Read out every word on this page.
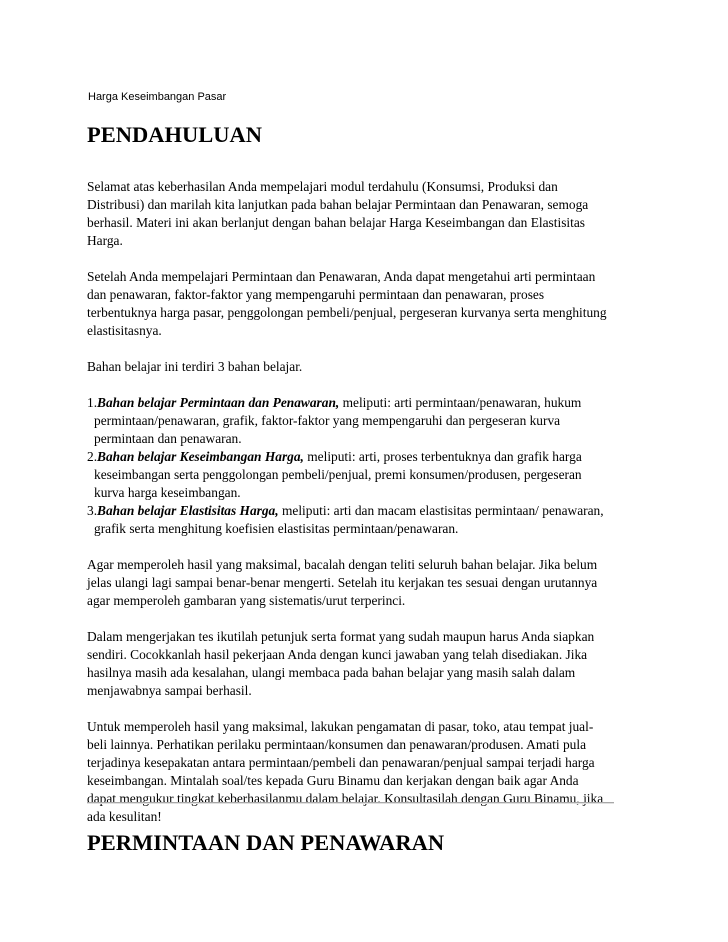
Harga Keseimbangan Pasar
PENDAHULUAN

Selamat atas keberhasilan Anda mempelajari modul terdahulu (Konsumsi, Produksi dan

Distribusi) dan marilah kita lanjutkan pada bahan belajar Permintaan dan Penawaran, semoga

berhasil. Materi ini akan berlanjut dengan bahan belajar Harga Keseimbangan dan Elastisitas

Harga.

Setelah Anda mempelajari Permintaan dan Penawaran, Anda dapat mengetahui arti permintaan

dan penawaran, faktor-faktor yang mempengaruhi permintaan dan penawaran, proses

terbentuknya harga pasar, penggolongan pembeli/penjual, pergeseran kurvanya serta menghitung

elastisitasnya.

Bahan belajar ini terdiri 3 bahan belajar.

1.Bahan belajar Permintaan dan Penawaran, meliputi: arti permintaan/penawaran, hukum

permintaan/penawaran, grafik, faktor-faktor yang mempengaruhi dan pergeseran kurva

permintaan dan penawaran.

2.Bahan belajar Keseimbangan Harga, meliputi: arti, proses terbentuknya dan grafik harga

keseimbangan serta penggolongan pembeli/penjual, premi konsumen/produsen, pergeseran

kurva harga keseimbangan.

3.Bahan belajar Elastisitas Harga, meliputi: arti dan macam elastisitas permintaan/ penawaran,

grafik serta menghitung koefisien elastisitas permintaan/penawaran.

Agar memperoleh hasil yang maksimal, bacalah dengan teliti seluruh bahan belajar. Jika belum

jelas ulangi lagi sampai benar-benar mengerti. Setelah itu kerjakan tes sesuai dengan urutannya

agar memperoleh gambaran yang sistematis/urut terperinci.

Dalam mengerjakan tes ikutilah petunjuk serta format yang sudah maupun harus Anda siapkan

sendiri. Cocokkanlah hasil pekerjaan Anda dengan kunci jawaban yang telah disediakan. Jika

hasilnya masih ada kesalahan, ulangi membaca pada bahan belajar yang masih salah dalam

menjawabnya sampai berhasil.

Untuk memperoleh hasil yang maksimal, lakukan pengamatan di pasar, toko, atau tempat jual-

beli lainnya. Perhatikan perilaku permintaan/konsumen dan penawaran/produsen. Amati pula

terjadinya kesepakatan antara permintaan/pembeli dan penawaran/penjual sampai terjadi harga

keseimbangan. Mintalah soal/tes kepada Guru Binamu dan kerjakan dengan baik agar Anda

dapat mengukur tingkat keberhasilanmu dalam belajar. Konsultasilah dengan Guru Binamu, jika

ada kesulitan!

PERMINTAAN DAN PENAWARAN
